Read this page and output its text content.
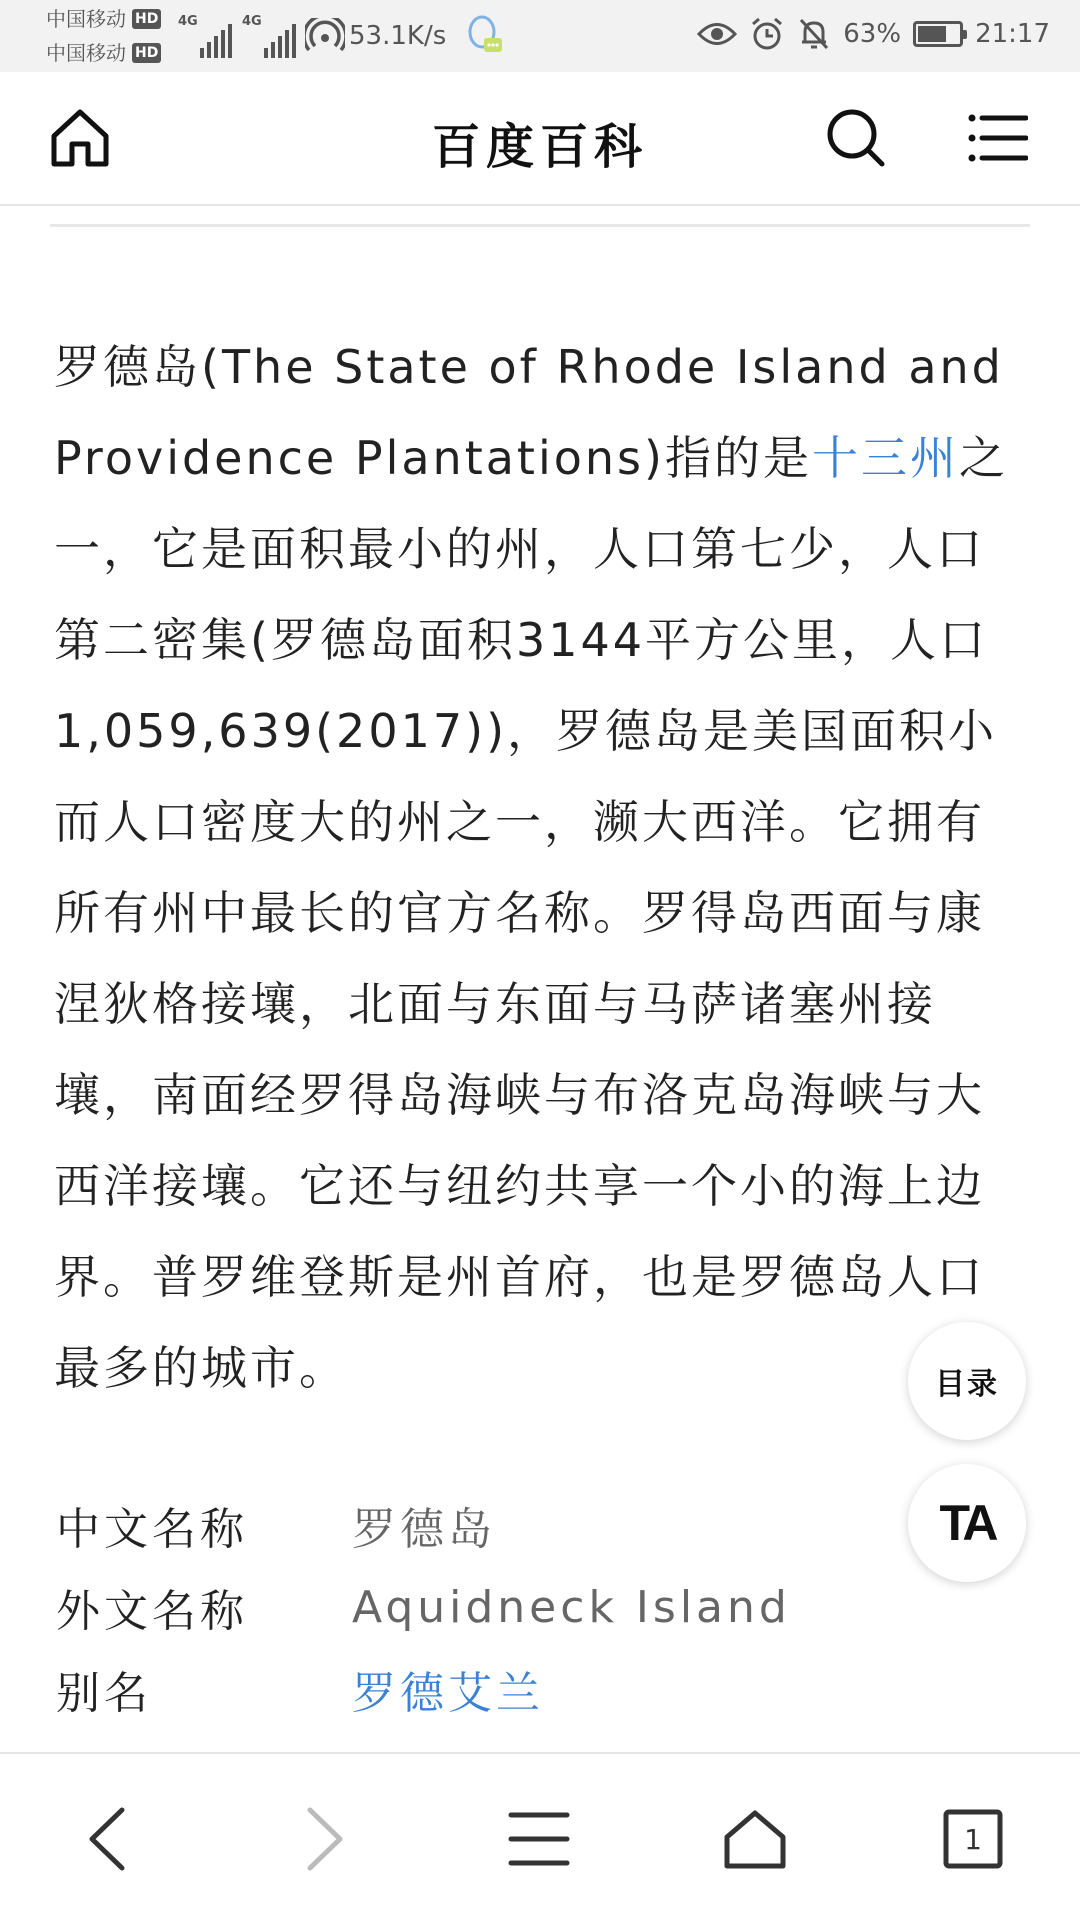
中国移动 HD
中国移动 HD
4G	4G	53.1K/s	63%	21:17
百度百科

罗德岛(The State of Rhode Island and Providence Plantations)指的是十三州之一，它是面积最小的州，人口第七少，人口第二密集(罗德岛面积3144平方公里，人口1,059,639(2017))，罗德岛是美国面积小而人口密度大的州之一，濒大西洋。它拥有所有州中最长的官方名称。罗得岛西面与康涅狄格接壤，北面与东面与马萨诸塞州接壤，南面经罗得岛海峡与布洛克岛海峡与大西洋接壤。它还与纽约共享一个小的海上边界。普罗维登斯是州首府，也是罗德岛人口最多的城市。

中文名称	罗德岛
外文名称	Aquidneck Island
别名	罗德艾兰
目录
TA
1
